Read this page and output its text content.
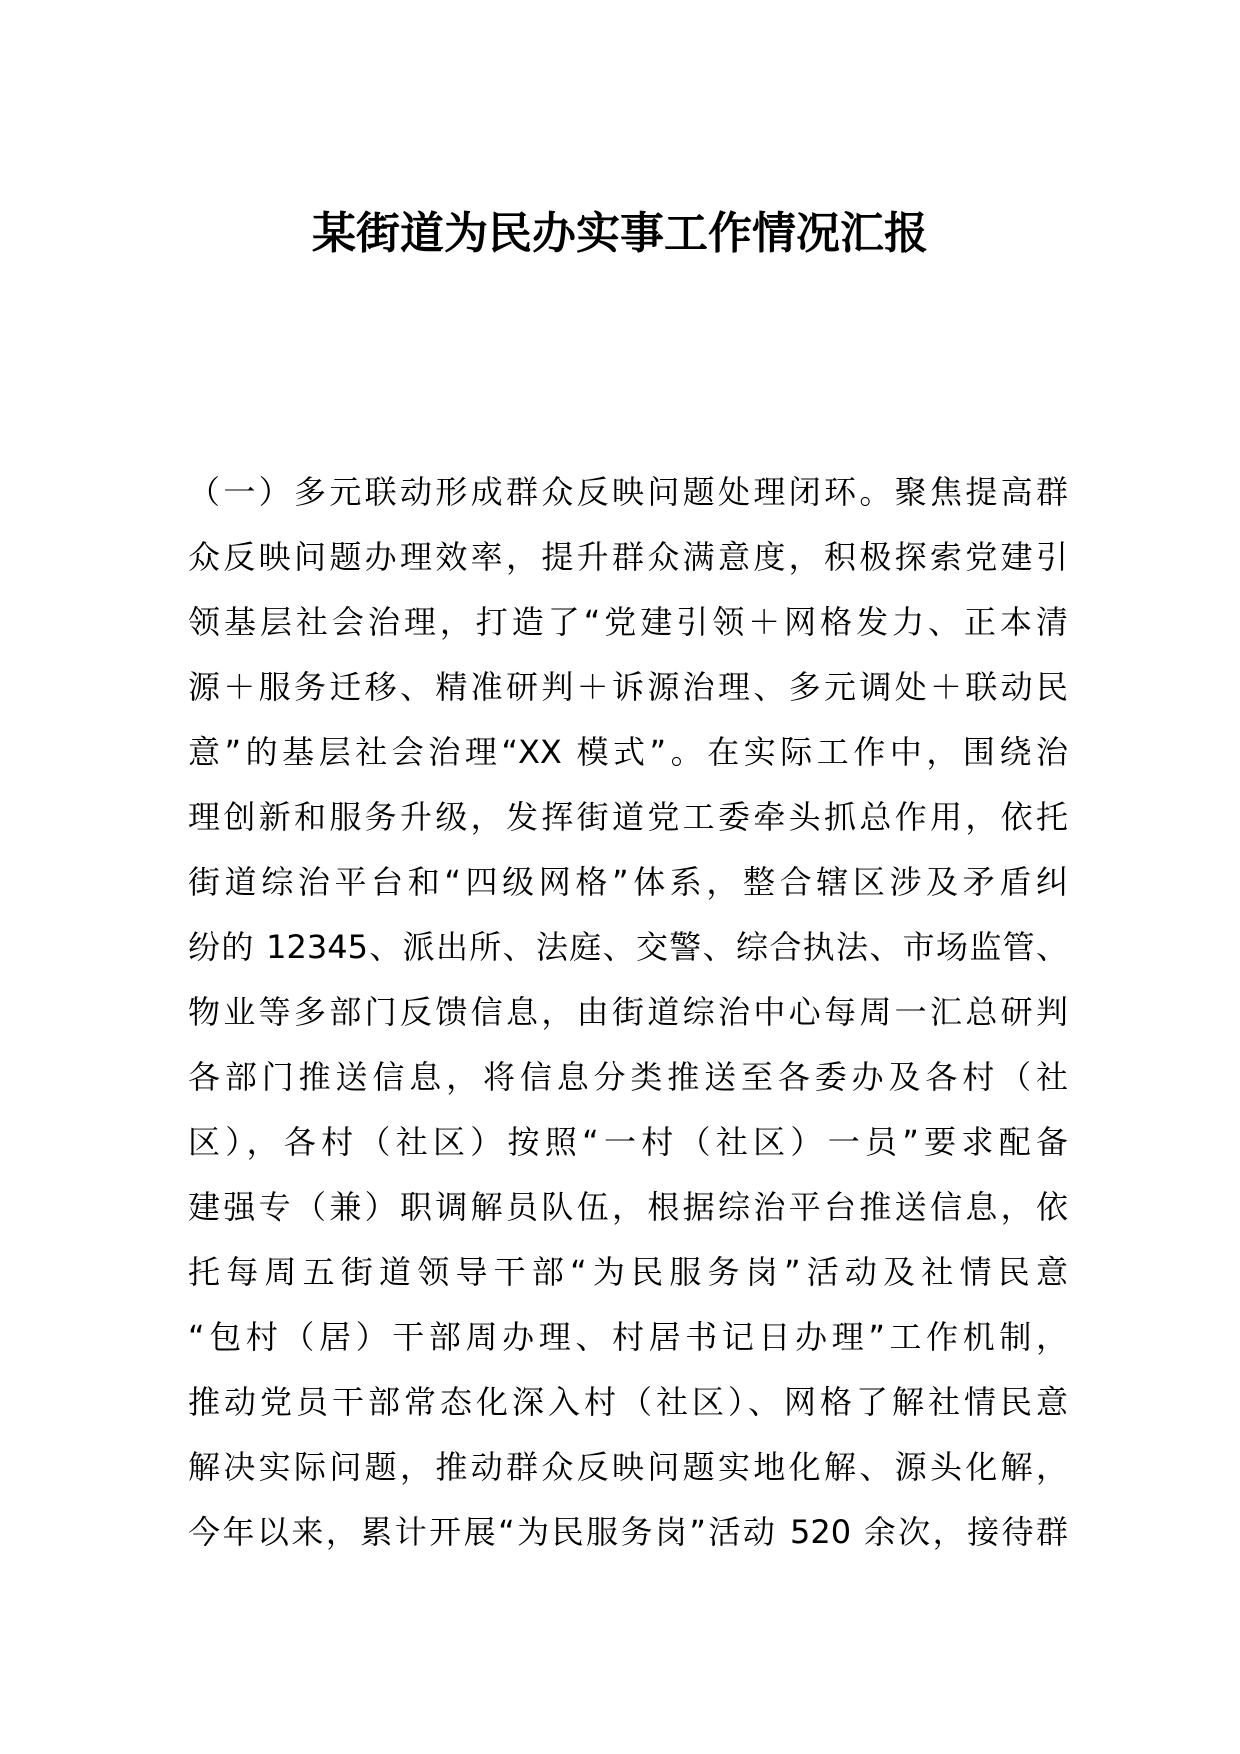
某街道为民办实事工作情况汇报
（一）多元联动形成群众反映问题处理闭环。聚焦提高群
众反映问题办理效率，提升群众满意度，积极探索党建引
领基层社会治理，打造了“党建引领＋网格发力、正本清
源＋服务迁移、精准研判＋诉源治理、多元调处＋联动民
意”的基层社会治理“XX 模式”。在实际工作中，围绕治
理创新和服务升级，发挥街道党工委牵头抓总作用，依托
街道综治平台和“四级网格”体系，整合辖区涉及矛盾纠
纷的 12345、派出所、法庭、交警、综合执法、市场监管、
物业等多部门反馈信息，由街道综治中心每周一汇总研判
各部门推送信息，将信息分类推送至各委办及各村（社
区），各村（社区）按照“一村（社区）一员”要求配备
建强专（兼）职调解员队伍，根据综治平台推送信息，依
托每周五街道领导干部“为民服务岗”活动及社情民意
“包村（居）干部周办理、村居书记日办理”工作机制，
推动党员干部常态化深入村（社区）、网格了解社情民意
解决实际问题，推动群众反映问题实地化解、源头化解，
今年以来，累计开展“为民服务岗”活动 520 余次，接待群
